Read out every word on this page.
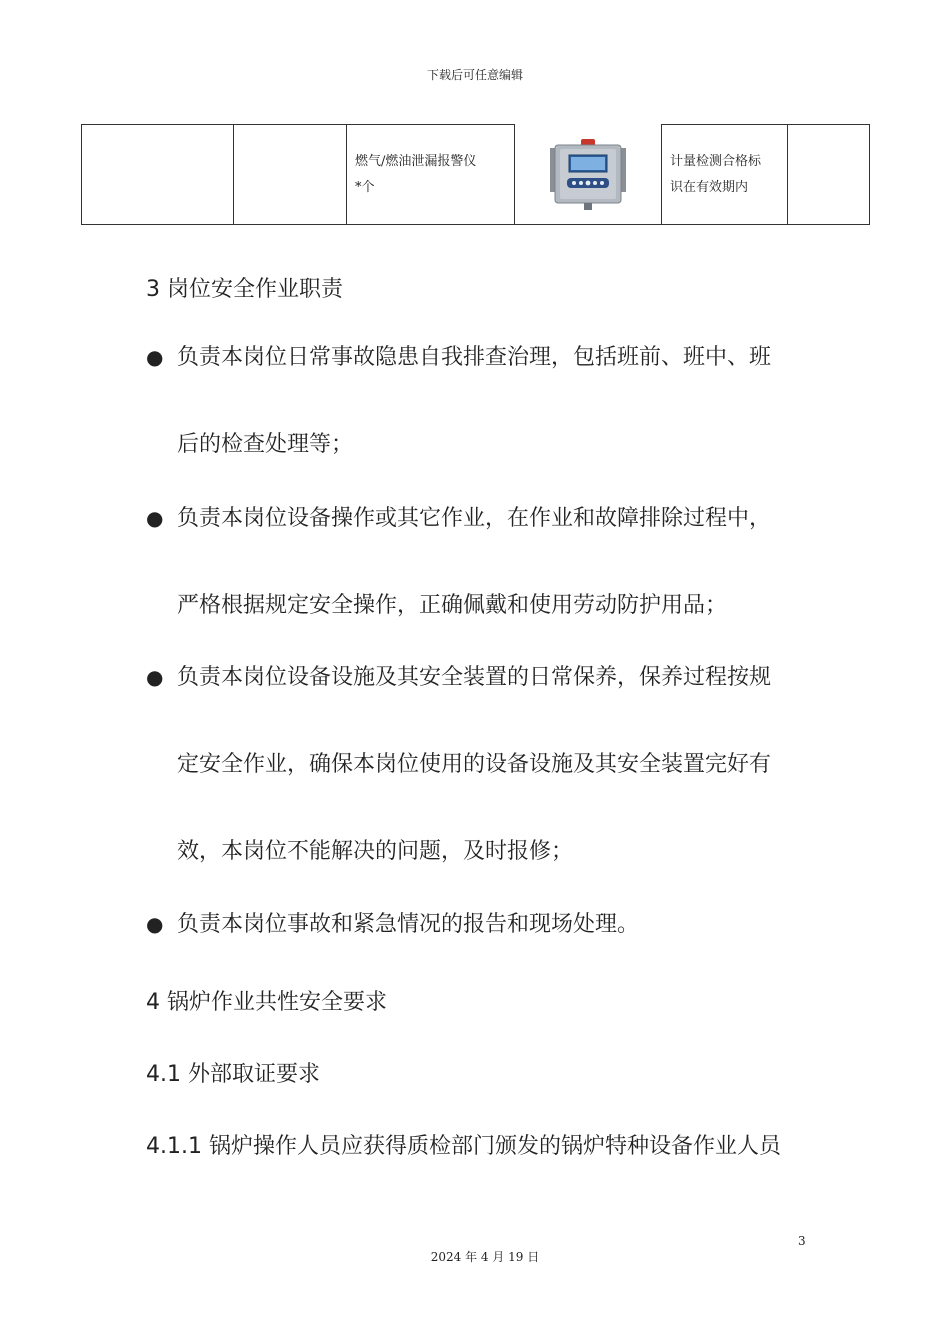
下载后可任意编辑

燃气/燃油泄漏报警仪
*个

计量检测合格标
识在有效期内

3 岗位安全作业职责
● 负责本岗位日常事故隐患自我排查治理，包括班前、班中、班
后的检查处理等；
● 负责本岗位设备操作或其它作业，在作业和故障排除过程中，
严格根据规定安全操作，正确佩戴和使用劳动防护用品；
● 负责本岗位设备设施及其安全装置的日常保养，保养过程按规
定安全作业，确保本岗位使用的设备设施及其安全装置完好有
效，本岗位不能解决的问题，及时报修；
● 负责本岗位事故和紧急情况的报告和现场处理。
4 锅炉作业共性安全要求
4.1 外部取证要求
4.1.1 锅炉操作人员应获得质检部门颁发的锅炉特种设备作业人员
3
2024 年 4 月 19 日
